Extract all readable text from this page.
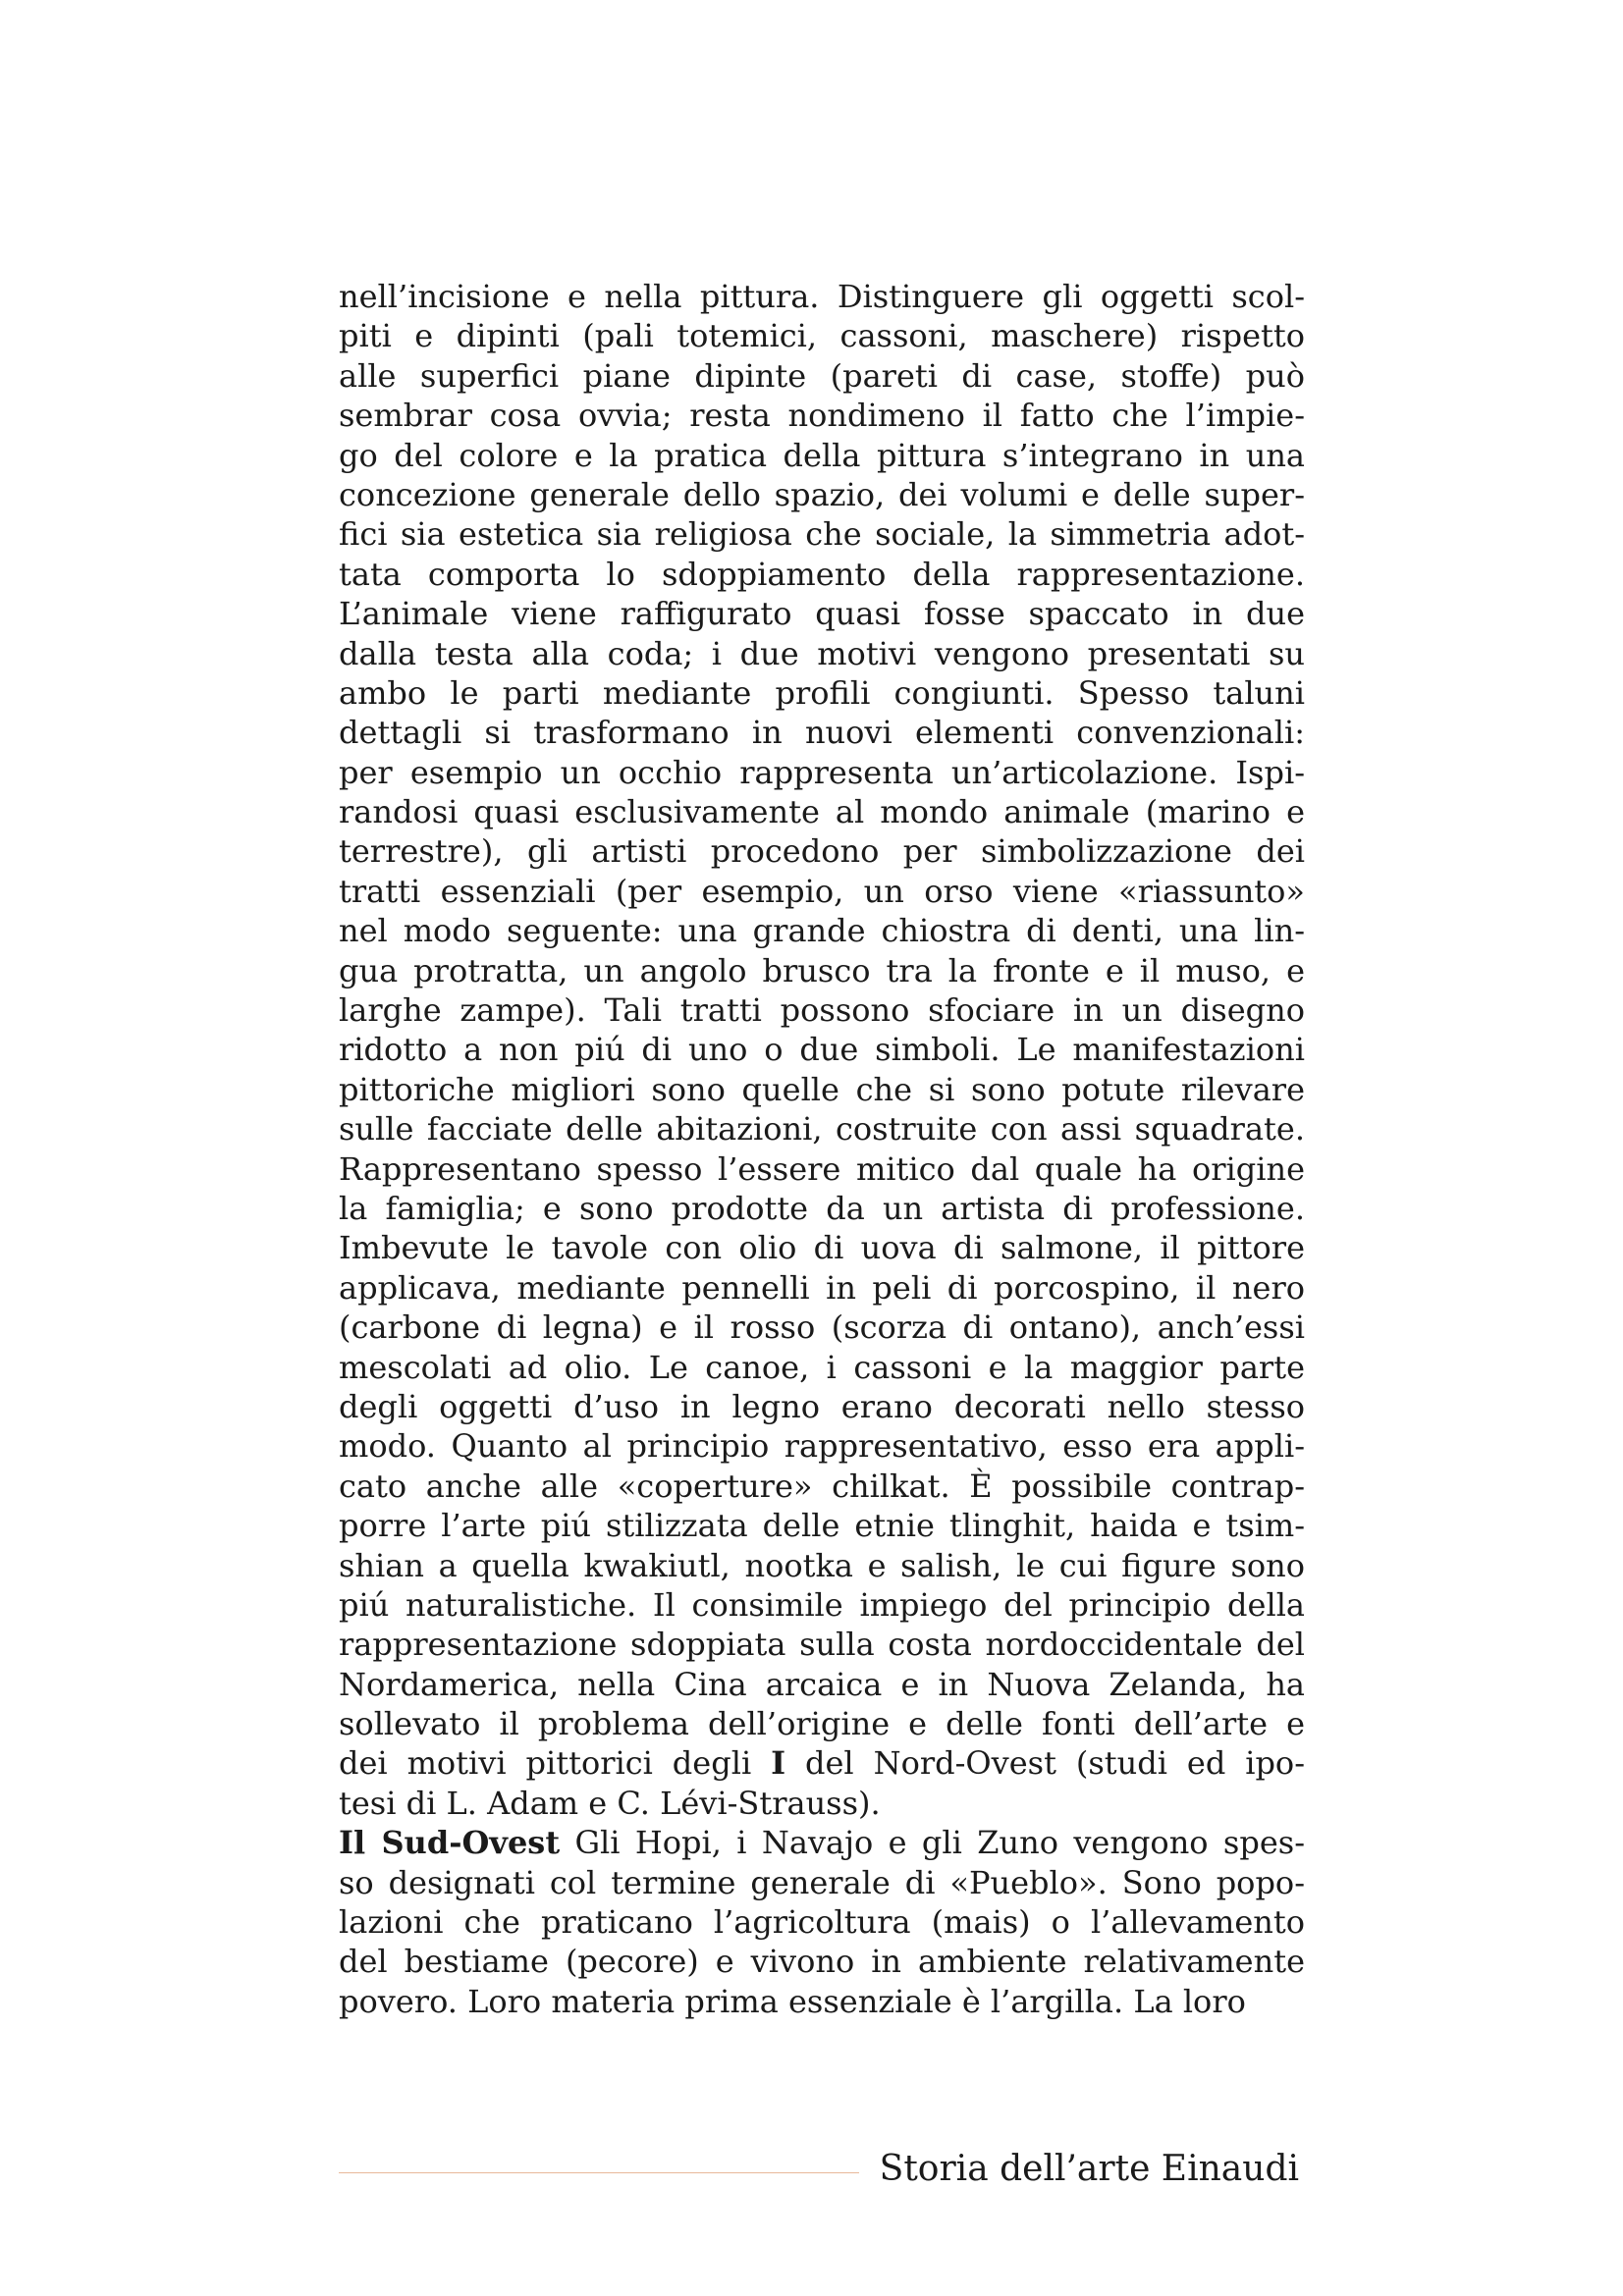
nell’incisione e nella pittura. Distinguere gli oggetti scol-
piti e dipinti (pali totemici, cassoni, maschere) rispetto
alle superfici piane dipinte (pareti di case, stoffe) può
sembrar cosa ovvia; resta nondimeno il fatto che l’impie-
go del colore e la pratica della pittura s’integrano in una
concezione generale dello spazio, dei volumi e delle super-
fici sia estetica sia religiosa che sociale, la simmetria adot-
tata comporta lo sdoppiamento della rappresentazione.
L’animale viene raffigurato quasi fosse spaccato in due
dalla testa alla coda; i due motivi vengono presentati su
ambo le parti mediante profili congiunti. Spesso taluni
dettagli si trasformano in nuovi elementi convenzionali:
per esempio un occhio rappresenta un’articolazione. Ispi-
randosi quasi esclusivamente al mondo animale (marino e
terrestre), gli artisti procedono per simbolizzazione dei
tratti essenziali (per esempio, un orso viene «riassunto»
nel modo seguente: una grande chiostra di denti, una lin-
gua protratta, un angolo brusco tra la fronte e il muso, e
larghe zampe). Tali tratti possono sfociare in un disegno
ridotto a non piú di uno o due simboli. Le manifestazioni
pittoriche migliori sono quelle che si sono potute rilevare
sulle facciate delle abitazioni, costruite con assi squadrate.
Rappresentano spesso l’essere mitico dal quale ha origine
la famiglia; e sono prodotte da un artista di professione.
Imbevute le tavole con olio di uova di salmone, il pittore
applicava, mediante pennelli in peli di porcospino, il nero
(carbone di legna) e il rosso (scorza di ontano), anch’essi
mescolati ad olio. Le canoe, i cassoni e la maggior parte
degli oggetti d’uso in legno erano decorati nello stesso
modo. Quanto al principio rappresentativo, esso era appli-
cato anche alle «coperture» chilkat. È possibile contrap-
porre l’arte piú stilizzata delle etnie tlinghit, haida e tsim-
shian a quella kwakiutl, nootka e salish, le cui figure sono
piú naturalistiche. Il consimile impiego del principio della
rappresentazione sdoppiata sulla costa nordoccidentale del
Nordamerica, nella Cina arcaica e in Nuova Zelanda, ha
sollevato il problema dell’origine e delle fonti dell’arte e
dei motivi pittorici degli I del Nord-Ovest (studi ed ipo-
tesi di L. Adam e C. Lévi-Strauss).
Il Sud-Ovest Gli Hopi, i Navajo e gli Zuno vengono spes-
so designati col termine generale di «Pueblo». Sono popo-
lazioni che praticano l’agricoltura (mais) o l’allevamento
del bestiame (pecore) e vivono in ambiente relativamente
povero. Loro materia prima essenziale è l’argilla. La loro
Storia dell’arte Einaudi
